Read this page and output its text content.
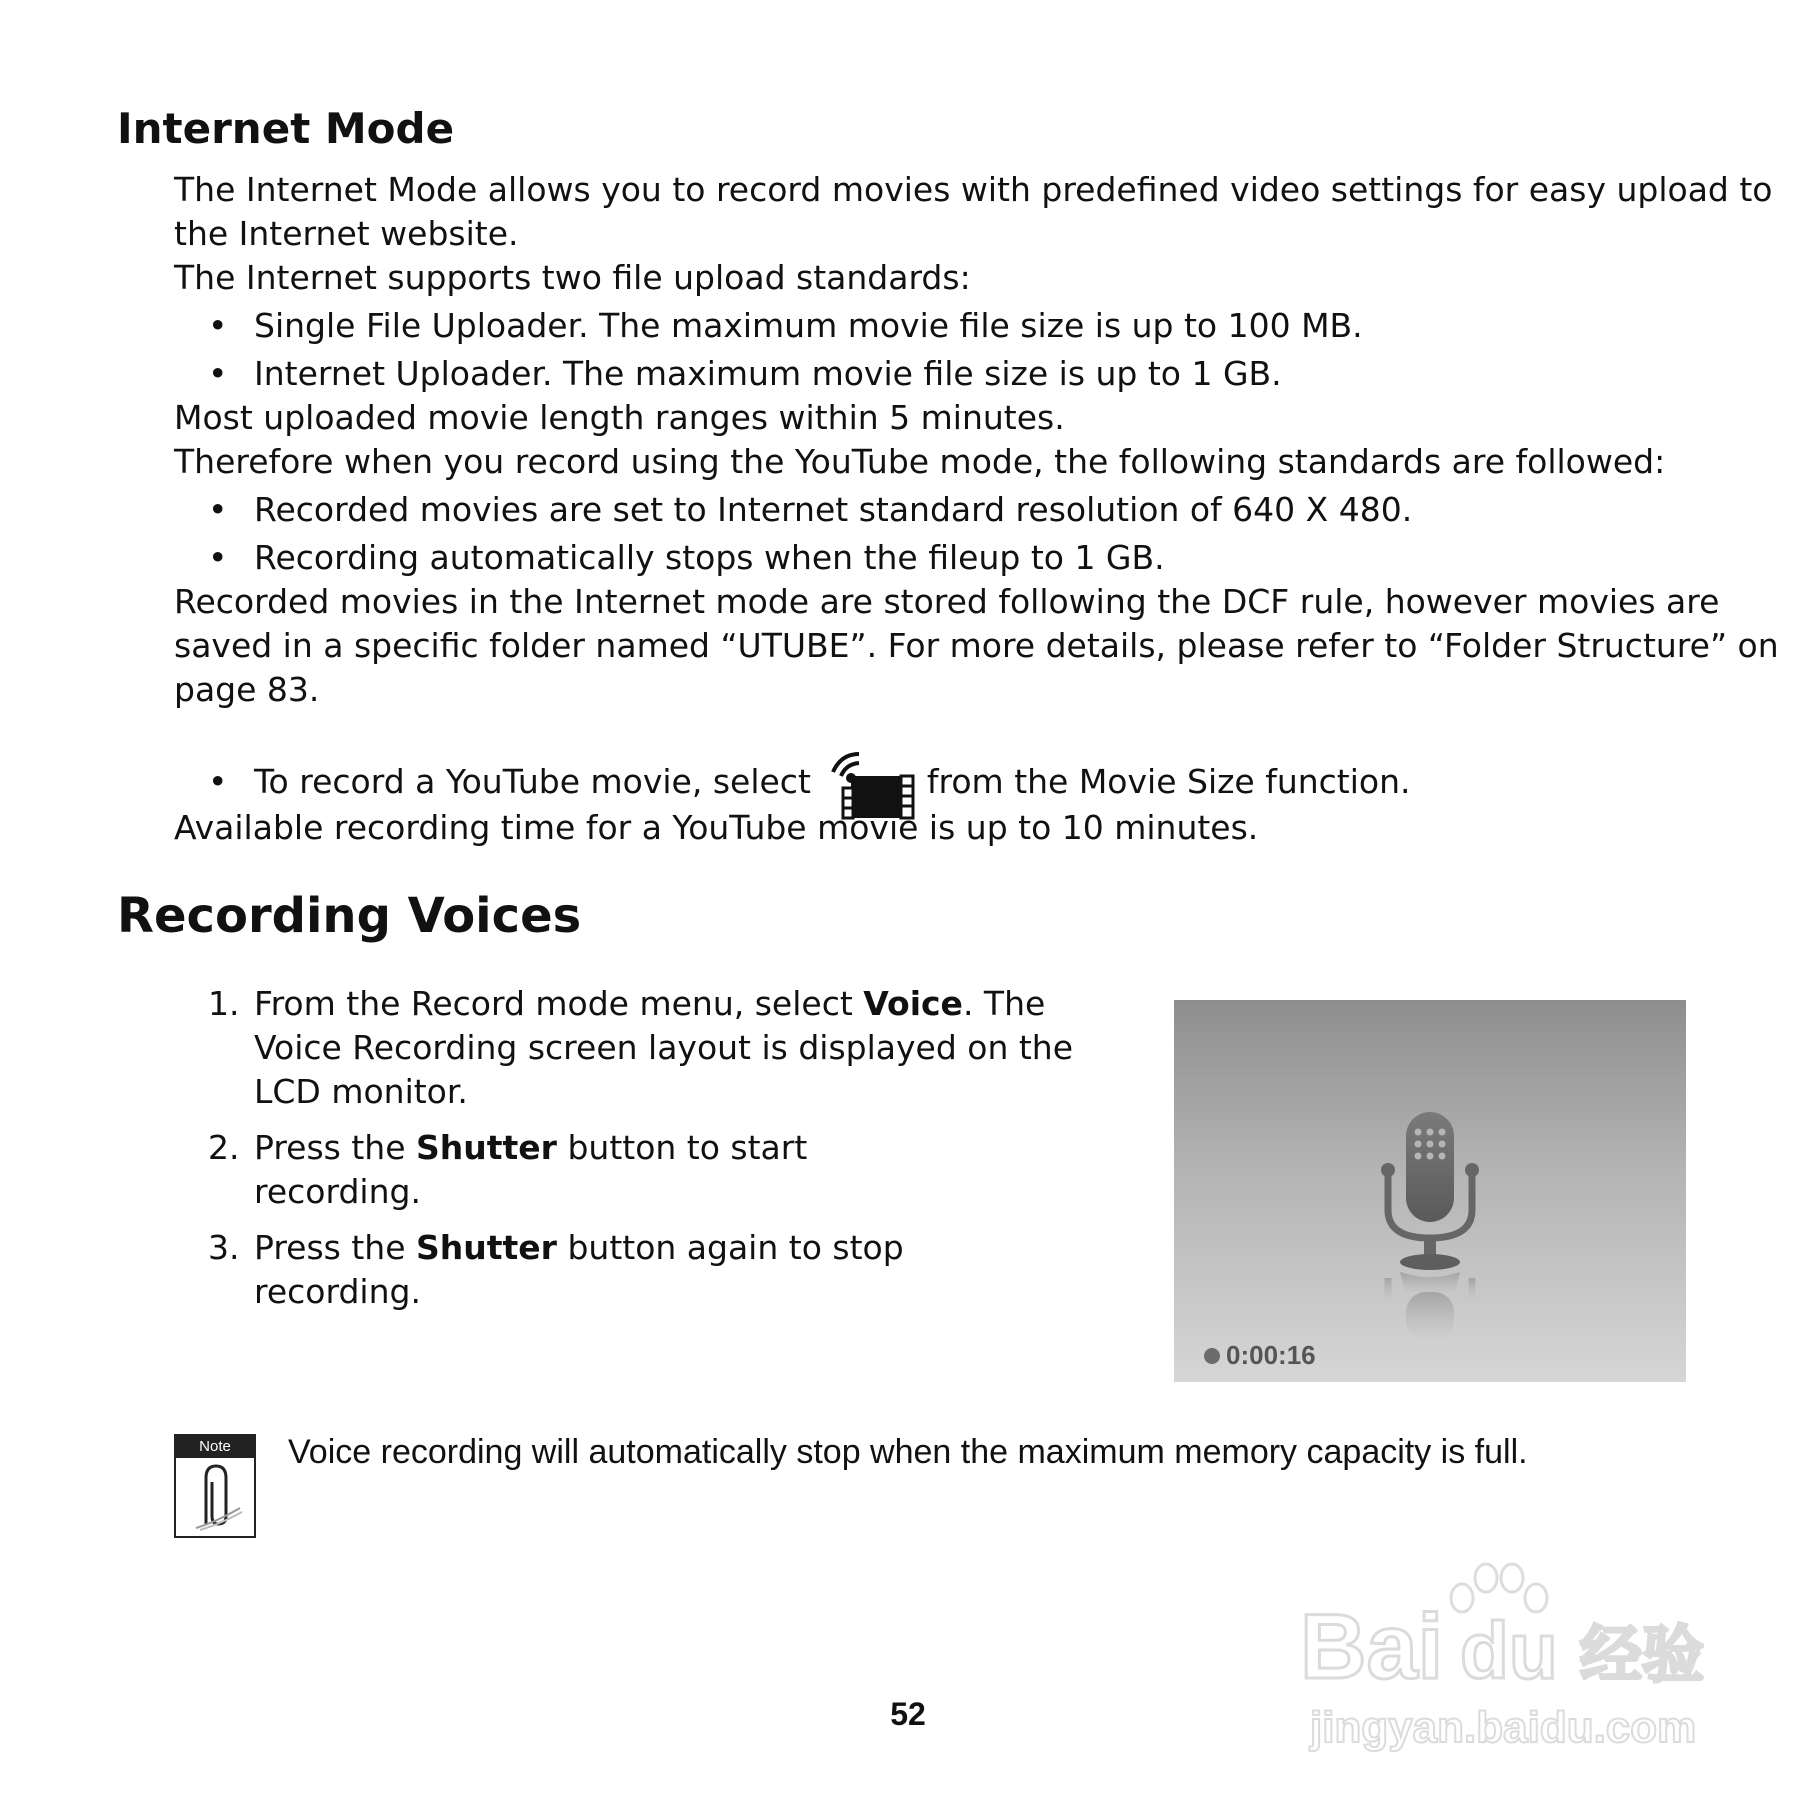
Internet Mode

The Internet Mode allows you to record movies with predefined video settings for easy upload to

the Internet website.

The Internet supports two file upload standards:

• Single File Uploader. The maximum movie file size is up to 100 MB.
• Internet Uploader. The maximum movie file size is up to 1 GB.

Most uploaded movie length ranges within 5 minutes.

Therefore when you record using the YouTube mode, the following standards are followed:

• Recorded movies are set to Internet standard resolution of 640 X 480.
• Recording automatically stops when the fileup to 1 GB.

Recorded movies in the Internet mode are stored following the DCF rule, however movies are

saved in a specific folder named “UTUBE”. For more details, please refer to “Folder Structure” on

page 83.

• To record a YouTube movie, select	from the Movie Size function.

Available recording time for a YouTube movie is up to 10 minutes.

Recording Voices
1. From the Record mode menu, select Voice. The Voice Recording screen layout is displayed on the LCD monitor.
2. Press the Shutter button to start recording.
3. Press the Shutter button again to stop recording.
0:00:16
Note	Voice recording will automatically stop when the maximum memory capacity is full.
52
Bai du 经验
jingyan.baidu.com
